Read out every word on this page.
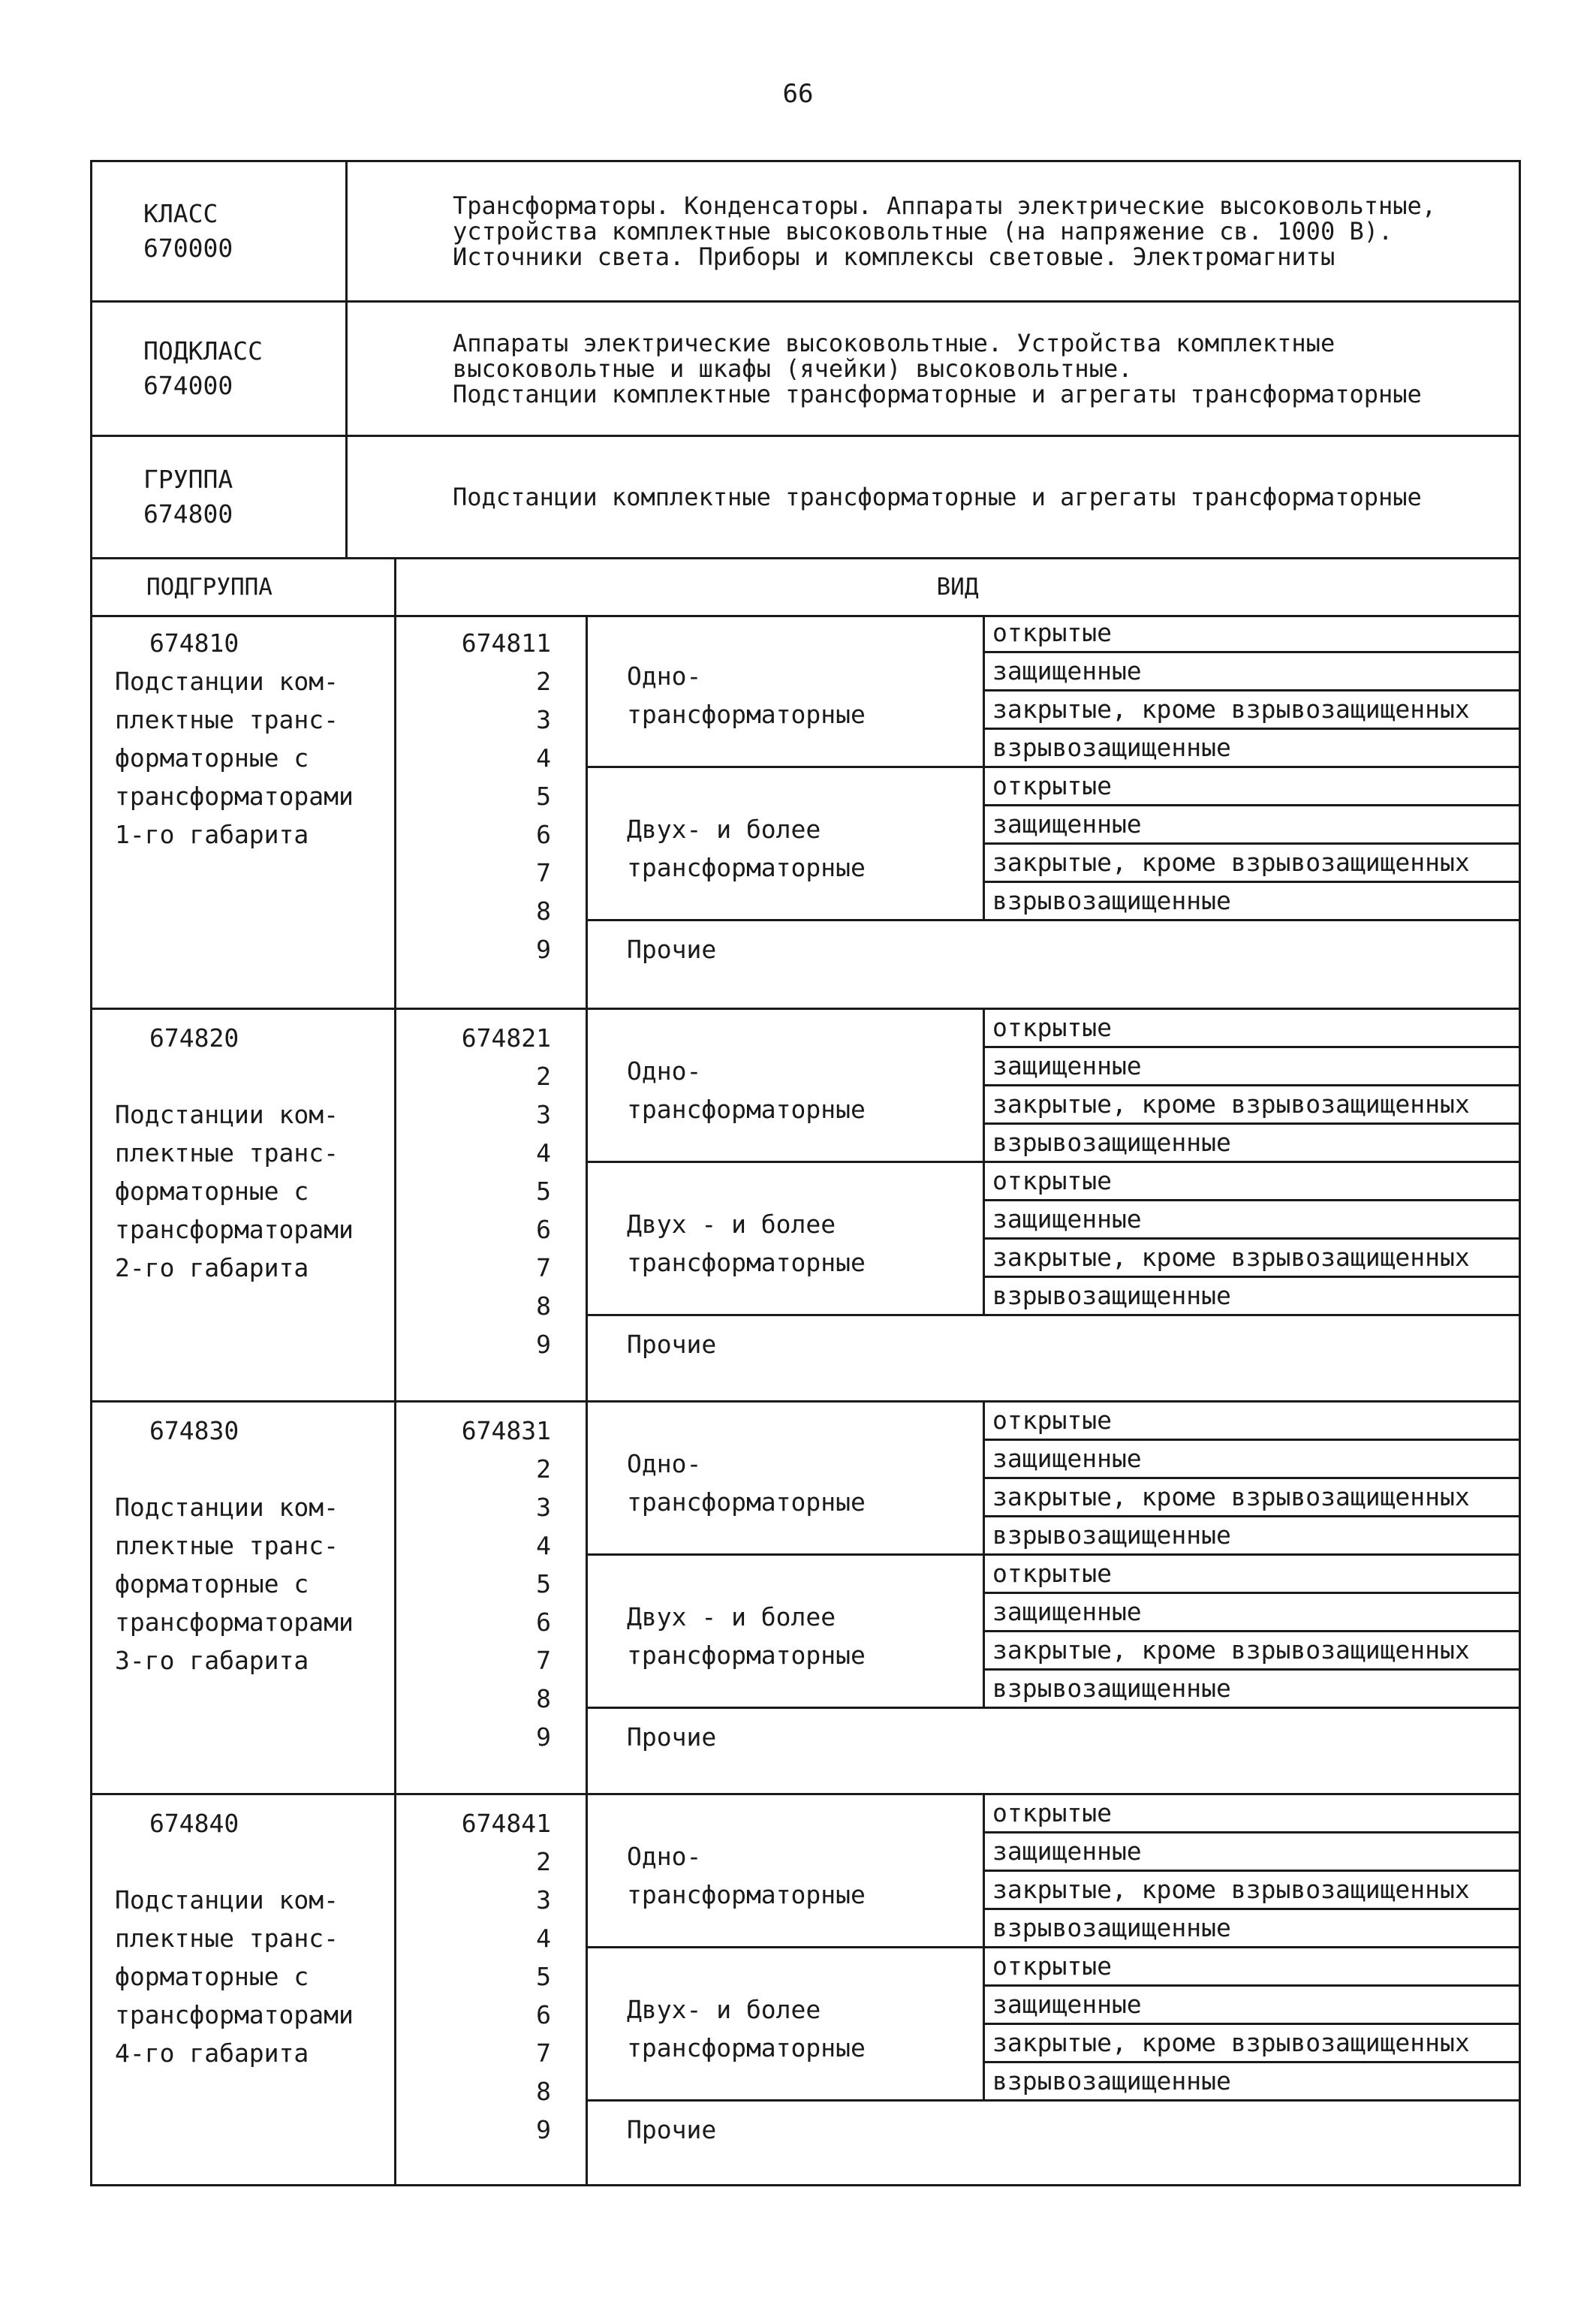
66
КЛАСС
670000
Трансформаторы. Конденсаторы. Аппараты электрические высоковольтные,
устройства комплектные высоковольтные (на напряжение св. 1000 В).
Источники света. Приборы и комплексы световые. Электромагниты
ПОДКЛАСС
674000
Аппараты электрические высоковольтные. Устройства комплектные
высоковольтные и шкафы (ячейки) высоковольтные.
Подстанции комплектные трансформаторные и агрегаты трансформаторные
ГРУППА
674800
Подстанции комплектные трансформаторные и агрегаты трансформаторные
ПОДГРУППА	ВИД
674810
Подстанции ком-
плектные транс-
форматорные с
трансформаторами
1-го габарита
674811
2
3
4
5
6
7
8
9
Одно-
трансформаторные
открытые
защищенные
закрытые, кроме взрывозащищенных
взрывозащищенные
Двух- и более
трансформаторные
открытые
защищенные
закрытые, кроме взрывозащищенных
взрывозащищенные
Прочие
674820

Подстанции ком-
плектные транс-
форматорные с
трансформаторами
2-го габарита
674821
2
3
4
5
6
7
8
9
Одно-
трансформаторные
открытые
защищенные
закрытые, кроме взрывозащищенных
взрывозащищенные
Двух - и более
трансформаторные
открытые
защищенные
закрытые, кроме взрывозащищенных
взрывозащищенные
Прочие
674830

Подстанции ком-
плектные транс-
форматорные с
трансформаторами
3-го габарита
674831
2
3
4
5
6
7
8
9
Одно-
трансформаторные
открытые
защищенные
закрытые, кроме взрывозащищенных
взрывозащищенные
Двух - и более
трансформаторные
открытые
защищенные
закрытые, кроме взрывозащищенных
взрывозащищенные
Прочие
674840

Подстанции ком-
плектные транс-
форматорные с
трансформаторами
4-го габарита
674841
2
3
4
5
6
7
8
9
Одно-
трансформаторные
открытые
защищенные
закрытые, кроме взрывозащищенных
взрывозащищенные
Двух- и более
трансформаторные
открытые
защищенные
закрытые, кроме взрывозащищенных
взрывозащищенные
Прочие
